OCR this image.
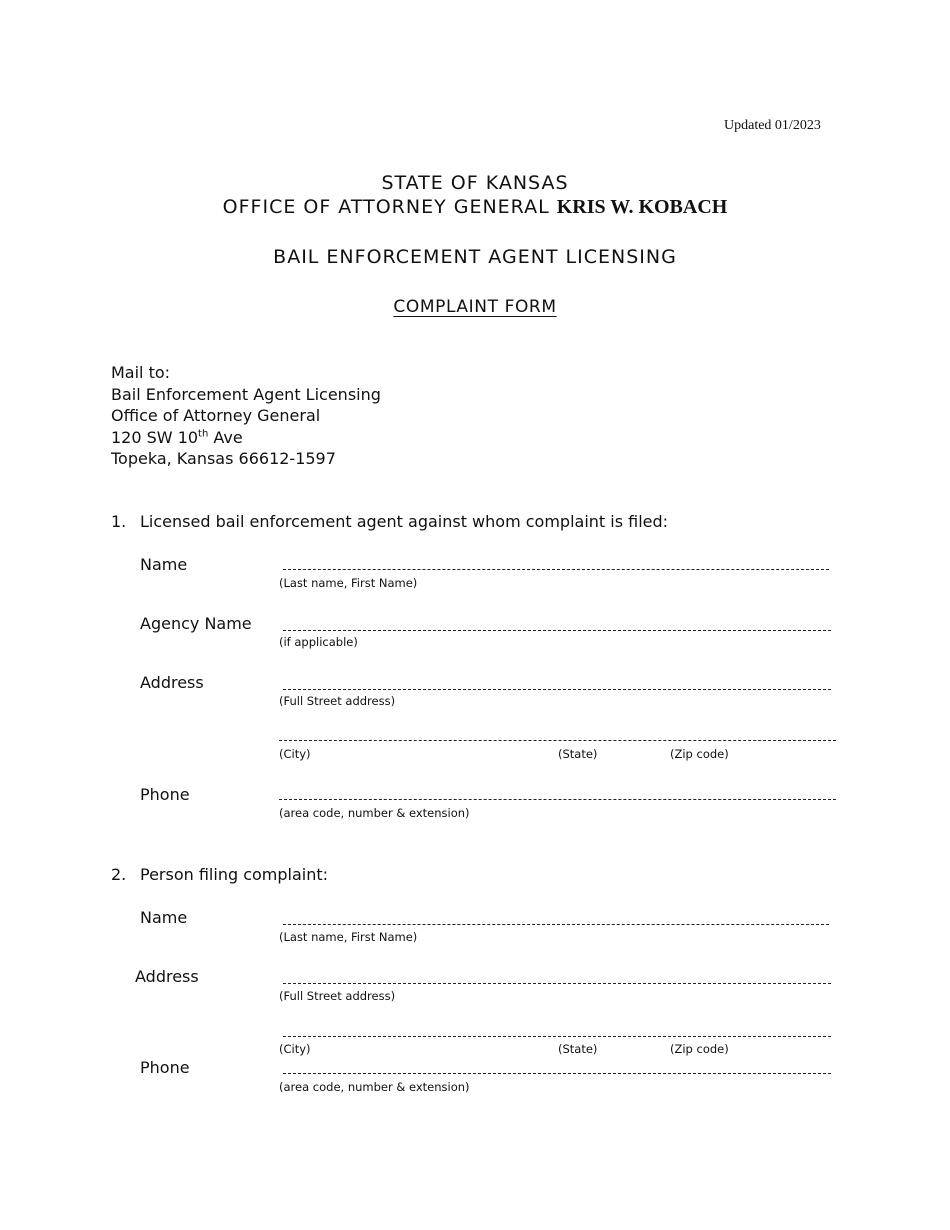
Updated 01/2023
STATE OF KANSAS
OFFICE OF ATTORNEY GENERAL KRIS W. KOBACH
BAIL ENFORCEMENT AGENT LICENSING
COMPLAINT FORM
Mail to:
Bail Enforcement Agent Licensing
Office of Attorney General
120 SW 10th Ave
Topeka, Kansas 66612-1597
1. Licensed bail enforcement agent against whom complaint is filed:
Name
(Last name, First Name)
Agency Name
(if applicable)
Address
(Full Street address)
(City)	(State)	(Zip code)
Phone
(area code, number & extension)
2. Person filing complaint:
Name
(Last name, First Name)
Address
(Full Street address)
(City)	(State)	(Zip code)
Phone
(area code, number & extension)
